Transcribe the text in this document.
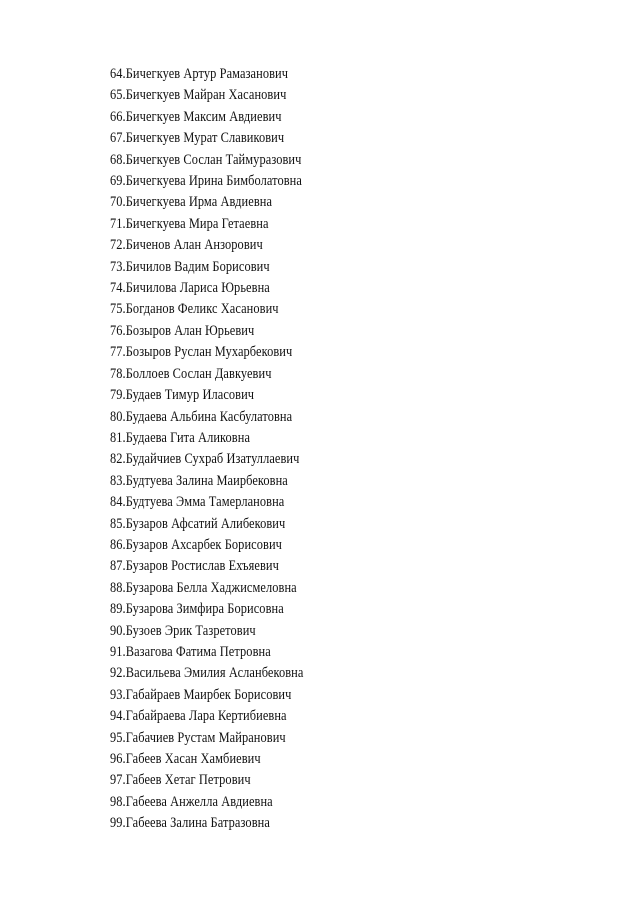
64.Бичегкуев Артур Рамазанович
65.Бичегкуев Майран Хасанович
66.Бичегкуев Максим Авдиевич
67.Бичегкуев Мурат Славикович
68.Бичегкуев Сослан Таймуразович
69.Бичегкуева Ирина Бимболатовна
70.Бичегкуева Ирма Авдиевна
71.Бичегкуева Мира Гетаевна
72.Биченов Алан Анзорович
73.Бичилов Вадим Борисович
74.Бичилова Лариса Юрьевна
75.Богданов Феликс Хасанович
76.Бозыров Алан Юрьевич
77.Бозыров Руслан Мухарбекович
78.Боллоев Сослан Давкуевич
79.Будаев Тимур Иласович
80.Будаева Альбина Касбулатовна
81.Будаева Гита Аликовна
82.Будайчиев Сухраб Изатуллаевич
83.Будтуева Залина Маирбековна
84.Будтуева Эмма Тамерлановна
85.Бузаров Афсатий Алибекович
86.Бузаров Ахсарбек Борисович
87.Бузаров Ростислав Ехъяевич
88.Бузарова Белла Хаджисмеловна
89.Бузарова Зимфира Борисовна
90.Бузоев Эрик Тазретович
91.Вазагова Фатима Петровна
92.Васильева Эмилия Асланбековна
93.Габайраев Маирбек Борисович
94.Габайраева Лара Кертибиевна
95.Габачиев Рустам Майранович
96.Габеев Хасан Хамбиевич
97.Габеев Хетаг Петрович
98.Габеева Анжелла Авдиевна
99.Габеева Залина Батразовна
